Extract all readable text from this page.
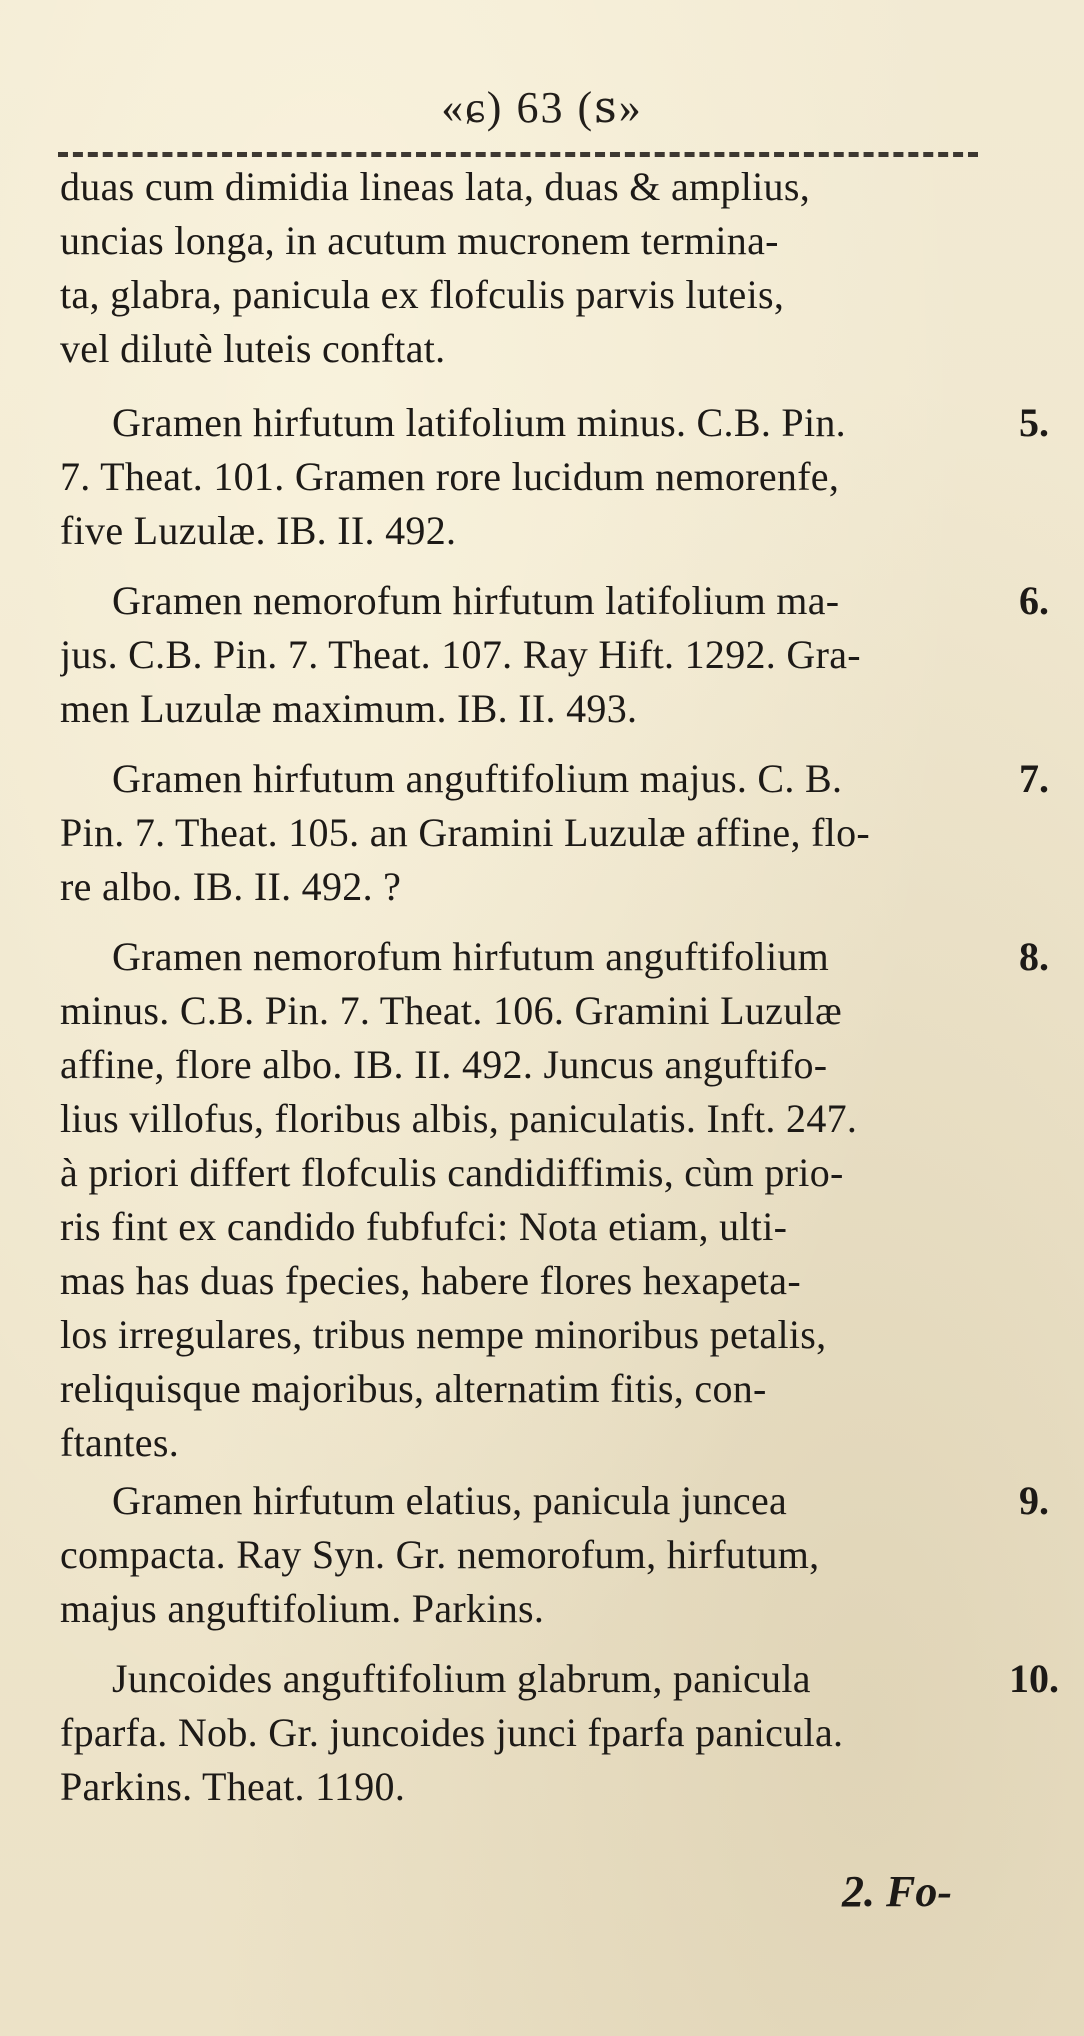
«ɕ) 63 (ꜱ»
duas cum dimidia lineas lata, duas & amplius,
uncias longa, in acutum mucronem termina-
ta, glabra, panicula ex flofculis parvis luteis,
vel dilutè luteis conftat.
5.
Gramen hirfutum latifolium minus. C.B. Pin.
7. Theat. 101. Gramen rore lucidum nemorenfe,
five Luzulæ. IB. II. 492.
6.
Gramen nemorofum hirfutum latifolium ma-
jus. C.B. Pin. 7. Theat. 107. Ray Hift. 1292. Gra-
men Luzulæ maximum. IB. II. 493.
7.
Gramen hirfutum anguftifolium majus. C. B.
Pin. 7. Theat. 105. an Gramini Luzulæ affine, flo-
re albo. IB. II. 492. ?
8.
Gramen nemorofum hirfutum anguftifolium
minus. C.B. Pin. 7. Theat. 106. Gramini Luzulæ
affine, flore albo. IB. II. 492. Juncus anguftifo-
lius villofus, floribus albis, paniculatis. Inft. 247.
à priori differt flofculis candidiffimis, cùm prio-
ris fint ex candido fubfufci: Nota etiam, ulti-
mas has duas fpecies, habere flores hexapeta-
los irregulares, tribus nempe minoribus petalis,
reliquisque majoribus, alternatim fitis, con-
ftantes.
9.
Gramen hirfutum elatius, panicula juncea
compacta. Ray Syn. Gr. nemorofum, hirfutum,
majus anguftifolium. Parkins.
10.
Juncoides anguftifolium glabrum, panicula
fparfa. Nob. Gr. juncoides junci fparfa panicula.
Parkins. Theat. 1190.
2. Fo-
